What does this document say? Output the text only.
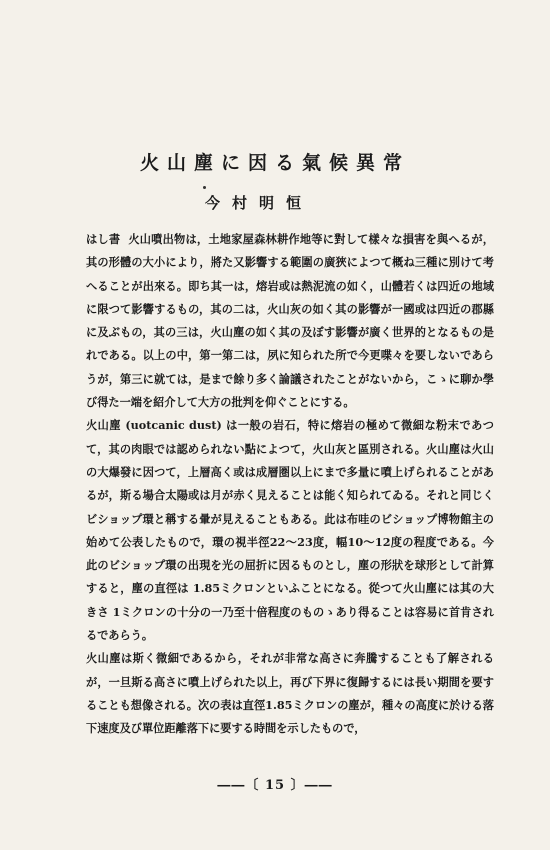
火山塵に因る氣候異常
今村明恒

はし書 火山噴出物は，土地家屋森林耕作地等に對して樣々な損害を與へるが，其の形體の大小により，將た又影響する範圍の廣狹によつて概ね三種に別けて考へることが出來る。即ち其一は，熔岩或は熱泥流の如く，山體若くは四近の地域に限つて影響するもの，其の二は，火山灰の如く其の影響が一國或は四近の郡縣に及ぶもの，其の三は，火山塵の如く其の及ぼす影響が廣く世界的となるもの是れである。以上の中，第一第二は，夙に知られた所で今更喋々を要しないであらうが，第三に就ては，是まで餘り多く論議されたことがないから，こゝに聊か學び得た一端を紹介して大方の批判を仰ぐことにする。

火山塵 (uotcanic dust) は一般の岩石，特に熔岩の極めて微細な粉末であつて，其の肉眼では認められない點によつて，火山灰と區別される。火山塵は火山の大爆發に因つて，上層高く或は成層圏以上にまで多量に噴上げられることがあるが，斯る場合太陽或は月が赤く見えることは能く知られてゐる。それと同じくビショップ環と稱する暈が見えることもある。此は布哇のビショップ博物館主の始めて公表したもので，環の視半徑22～23度，幅10～12度の程度である。今此のビショップ環の出現を光の屈折に因るものとし，塵の形狀を球形として計算すると，塵の直徑は 1.85ミクロンといふことになる。從つて火山塵には其の大きさ 1ミクロンの十分の一乃至十倍程度のものゝあり得ることは容易に首肯されるであらう。

火山塵は斯く微細であるから，それが非常な高さに奔騰することも了解されるが，一旦斯る高さに噴上げられた以上，再び下界に復歸するには長い期間を要することも想像される。次の表は直徑1.85ミクロンの塵が，種々の高度に於ける落下速度及び單位距離落下に要する時間を示したもので，

――〔 15 〕――
